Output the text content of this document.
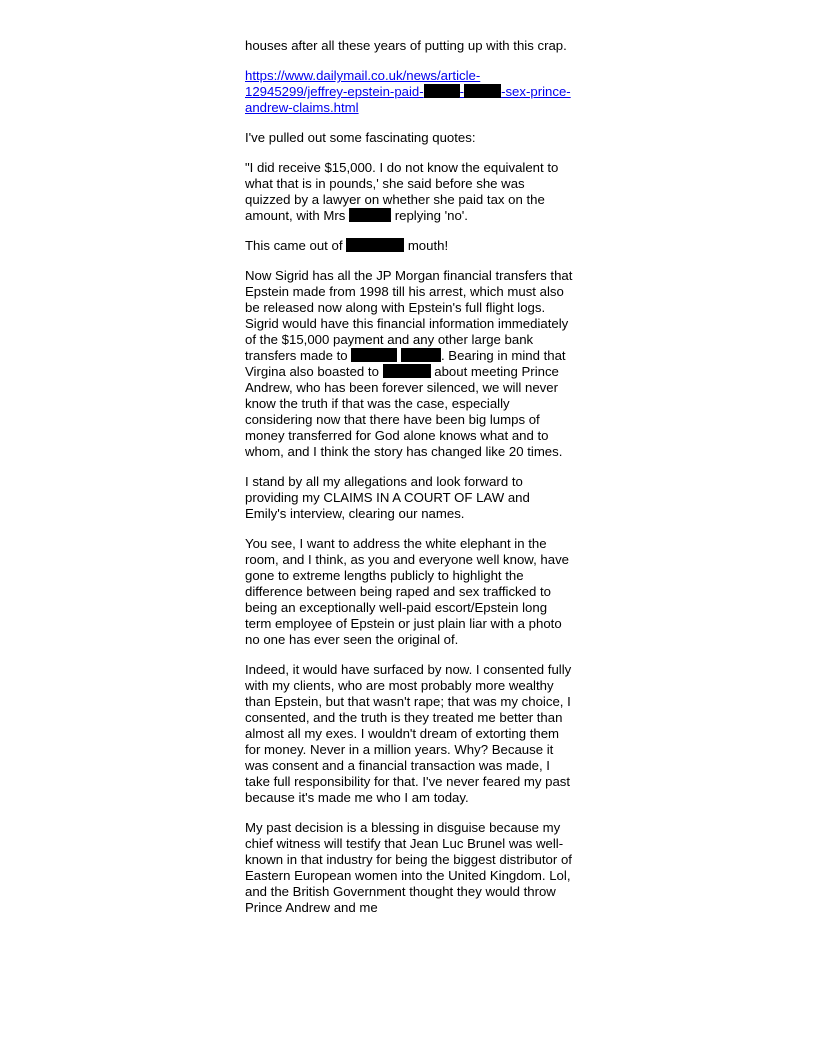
houses after all these years of putting up with this crap.

https://www.dailymail.co.uk/news/article-12945299/jeffrey-epstein-paid-	-	-sex-prince-andrew-claims.html

I've pulled out some fascinating quotes:

"I did receive $15,000. I do not know the equivalent to what that is in pounds,' she said before she was quizzed by a lawyer on whether she paid tax on the amount, with Mrs	replying 'no'.

This came out of	mouth!

Now Sigrid has all the JP Morgan financial transfers that Epstein made from 1998 till his arrest, which must also be released now along with Epstein's full flight logs. Sigrid would have this financial information immediately of the $15,000 payment and any other large bank transfers made to	. Bearing in mind that Virgina also boasted to	about meeting Prince Andrew, who has been forever silenced, we will never know the truth if that was the case, especially considering now that there have been big lumps of money transferred for God alone knows what and to whom, and I think the story has changed like 20 times.

I stand by all my allegations and look forward to providing my CLAIMS IN A COURT OF LAW and Emily's interview, clearing our names.

You see, I want to address the white elephant in the room, and I think, as you and everyone well know, have gone to extreme lengths publicly to highlight the difference between being raped and sex trafficked to being an exceptionally well-paid escort/Epstein long term employee of Epstein or just plain liar with a photo no one has ever seen the original of.

Indeed, it would have surfaced by now. I consented fully with my clients, who are most probably more wealthy than Epstein, but that wasn't rape; that was my choice, I consented, and the truth is they treated me better than almost all my exes. I wouldn't dream of extorting them for money. Never in a million years. Why? Because it was consent and a financial transaction was made, I take full responsibility for that. I've never feared my past because it's made me who I am today.

My past decision is a blessing in disguise because my chief witness will testify that Jean Luc Brunel was well-known in that industry for being the biggest distributor of Eastern European women into the United Kingdom. Lol, and the British Government thought they would throw Prince Andrew and me
